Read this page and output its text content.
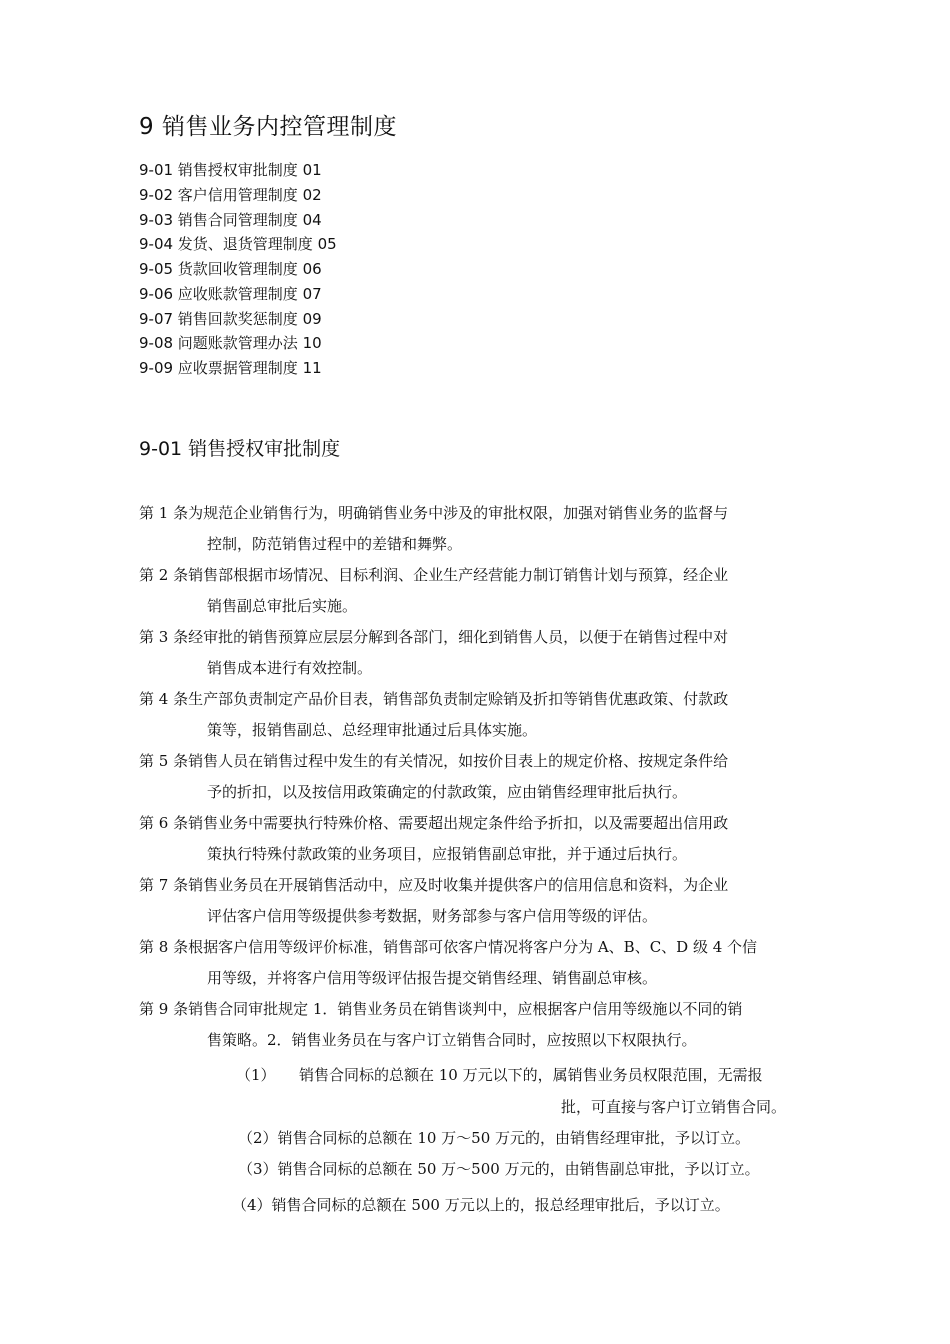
9 销售业务内控管理制度
9-01 销售授权审批制度 01
9-02 客户信用管理制度 02
9-03 销售合同管理制度 04
9-04 发货、退货管理制度 05
9-05 货款回收管理制度 06
9-06 应收账款管理制度 07
9-07 销售回款奖惩制度 09
9-08 问题账款管理办法 10
9-09 应收票据管理制度 11
9-01 销售授权审批制度
第 1 条为规范企业销售行为，明确销售业务中涉及的审批权限，加强对销售业务的监督与
控制，防范销售过程中的差错和舞弊。
第 2 条销售部根据市场情况、目标利润、企业生产经营能力制订销售计划与预算，经企业
销售副总审批后实施。
第 3 条经审批的销售预算应层层分解到各部门，细化到销售人员，以便于在销售过程中对
销售成本进行有效控制。
第 4 条生产部负责制定产品价目表，销售部负责制定赊销及折扣等销售优惠政策、付款政
策等，报销售副总、总经理审批通过后具体实施。
第 5 条销售人员在销售过程中发生的有关情况，如按价目表上的规定价格、按规定条件给
予的折扣，以及按信用政策确定的付款政策，应由销售经理审批后执行。
第 6 条销售业务中需要执行特殊价格、需要超出规定条件给予折扣，以及需要超出信用政
策执行特殊付款政策的业务项目，应报销售副总审批，并于通过后执行。
第 7 条销售业务员在开展销售活动中，应及时收集并提供客户的信用信息和资料，为企业
评估客户信用等级提供参考数据，财务部参与客户信用等级的评估。
第 8 条根据客户信用等级评价标准，销售部可依客户情况将客户分为 A、B、C、D 级 4 个信
用等级，并将客户信用等级评估报告提交销售经理、销售副总审核。
第 9 条销售合同审批规定 1．销售业务员在销售谈判中，应根据客户信用等级施以不同的销
售策略。2．销售业务员在与客户订立销售合同时，应按照以下权限执行。
（1） 销售合同标的总额在 10 万元以下的，属销售业务员权限范围，无需报
批，可直接与客户订立销售合同。
（2）销售合同标的总额在 10 万～50 万元的，由销售经理审批，予以订立。
（3）销售合同标的总额在 50 万～500 万元的，由销售副总审批，予以订立。
（4）销售合同标的总额在 500 万元以上的，报总经理审批后，予以订立。
